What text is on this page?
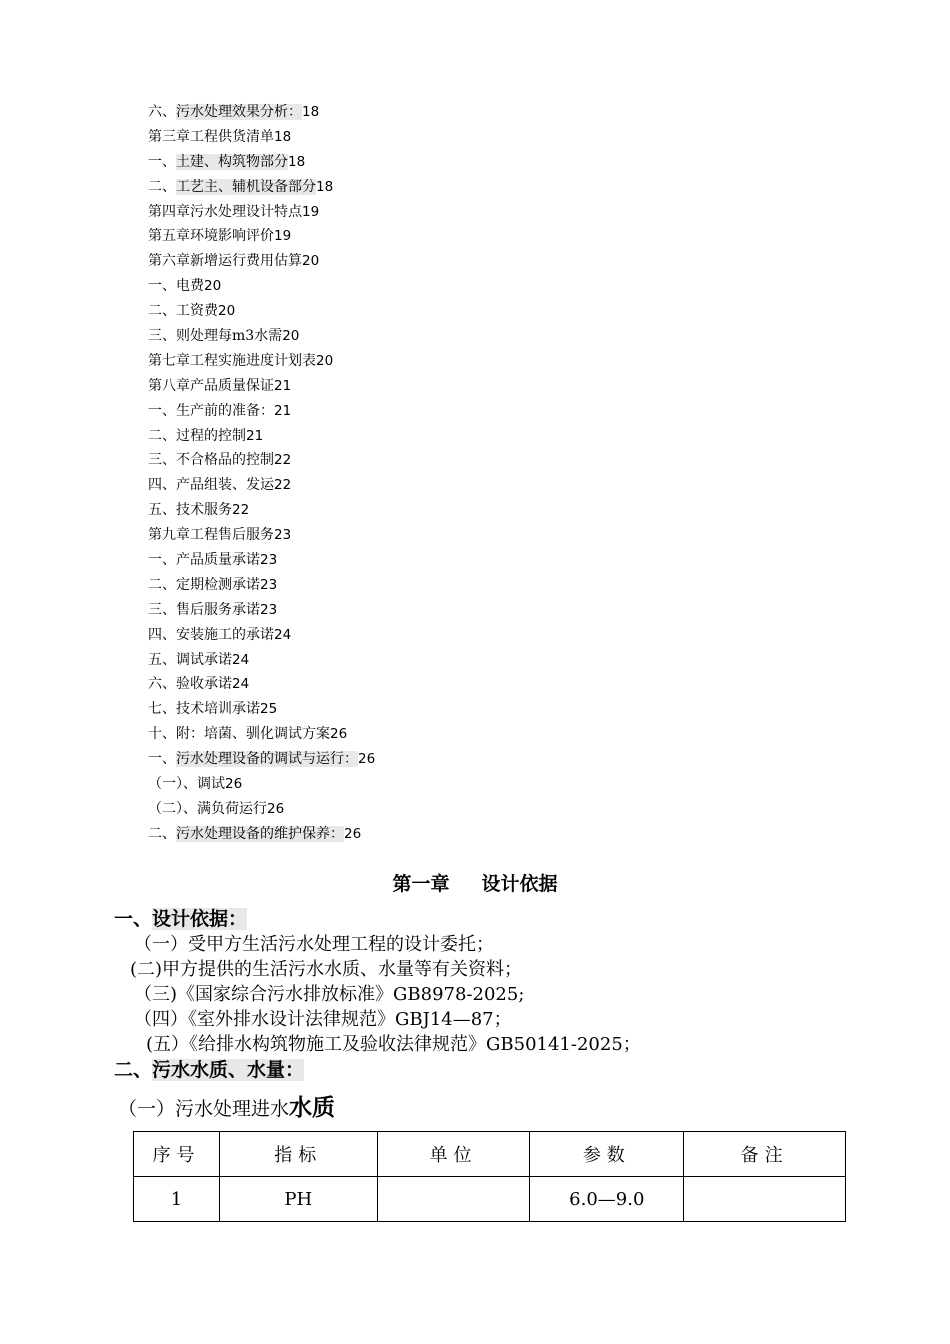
六、污水处理效果分析：18
第三章工程供货清单18
一、土建、构筑物部分18
二、工艺主、辅机设备部分18
第四章污水处理设计特点19
第五章环境影响评价19
第六章新增运行费用估算20
一、电费20
二、工资费20
三、则处理每m3水需20
第七章工程实施进度计划表20
第八章产品质量保证21
一、生产前的准备：21
二、过程的控制21
三、不合格品的控制22
四、产品组装、发运22
五、技术服务22
第九章工程售后服务23
一、产品质量承诺23
二、定期检测承诺23
三、售后服务承诺23
四、安装施工的承诺24
五、调试承诺24
六、验收承诺24
七、技术培训承诺25
十、附：培菌、驯化调试方案26
一、污水处理设备的调试与运行：26
（一）、调试26
（二）、满负荷运行26
二、污水处理设备的维护保养：26
第一章 设计依据
一、设计依据：
（一）受甲方生活污水处理工程的设计委托；
(二)甲方提供的生活污水水质、水量等有关资料；
（三)《国家综合污水排放标准》GB8978-2025;
（四）《室外排水设计法律规范》GBJ14—87；
(五）《给排水构筑物施工及验收法律规范》GB50141-2025；
二、污水水质、水量：
（一）污水处理进水水质
序号	指标	单位	参数	备注
1	PH		6.0—9.0	
